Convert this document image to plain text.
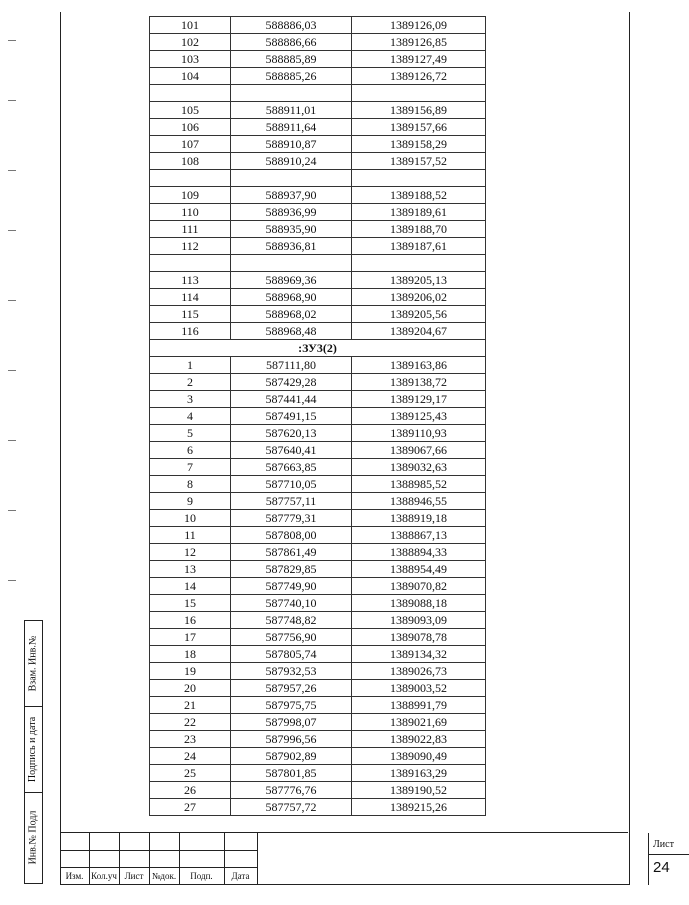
Взам. Инв.№
Подпись и дата
Инв.№ Подл
101	588886,03	1389126,09
102	588886,66	1389126,85
103	588885,89	1389127,49
104	588885,26	1389126,72

105	588911,01	1389156,89
106	588911,64	1389157,66
107	588910,87	1389158,29
108	588910,24	1389157,52

109	588937,90	1389188,52
110	588936,99	1389189,61
111	588935,90	1389188,70
112	588936,81	1389187,61

113	588969,36	1389205,13
114	588968,90	1389206,02
115	588968,02	1389205,56
116	588968,48	1389204,67
:ЗУ3(2)		
1	587111,80	1389163,86
2	587429,28	1389138,72
3	587441,44	1389129,17
4	587491,15	1389125,43
5	587620,13	1389110,93
6	587640,41	1389067,66
7	587663,85	1389032,63
8	587710,05	1388985,52
9	587757,11	1388946,55
10	587779,31	1388919,18
11	587808,00	1388867,13
12	587861,49	1388894,33
13	587829,85	1388954,49
14	587749,90	1389070,82
15	587740,10	1389088,18
16	587748,82	1389093,09
17	587756,90	1389078,78
18	587805,74	1389134,32
19	587932,53	1389026,73
20	587957,26	1389003,52
21	587975,75	1388991,79
22	587998,07	1389021,69
23	587996,56	1389022,83
24	587902,89	1389090,49
25	587801,85	1389163,29
26	587776,76	1389190,52
27	587757,72	1389215,26
Изм. Кол.уч Лист №док.	Подп.	Дата
Лист
24
